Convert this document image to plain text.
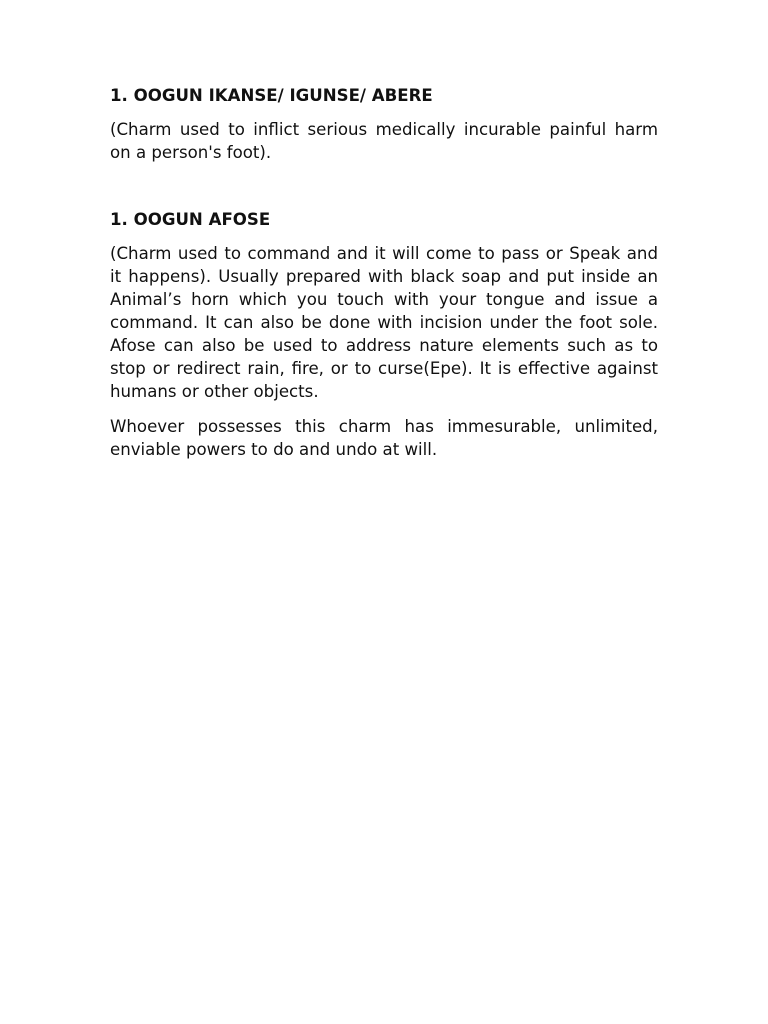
1. OOGUN IKANSE/ IGUNSE/ ABERE

(Charm used to inflict serious medically incurable painful harm on a person's foot).

1. OOGUN AFOSE

(Charm used to command and it will come to pass or Speak and it happens). Usually prepared with black soap and put inside an Animal’s horn which you touch with your tongue and issue a command. It can also be done with incision under the foot sole. Afose can also be used to address nature elements such as to stop or redirect rain, fire, or to curse(Epe). It is effective against humans or other objects.

Whoever possesses this charm has immesurable, unlimited, enviable powers to do and undo at will.
